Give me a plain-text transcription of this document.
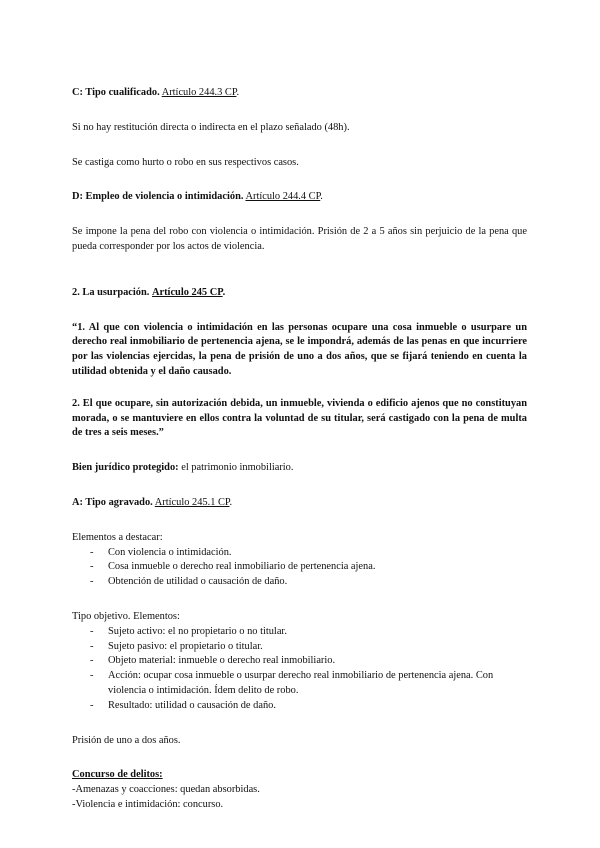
C: Tipo cualificado. Artículo 244.3 CP.

Si no hay restitución directa o indirecta en el plazo señalado (48h).

Se castiga como hurto o robo en sus respectivos casos.

D: Empleo de violencia o intimidación. Artículo 244.4 CP.

Se impone la pena del robo con violencia o intimidación. Prisión de 2 a 5 años sin perjuicio de la pena que pueda corresponder por los actos de violencia.

2. La usurpación. Artículo 245 CP.

“1. Al que con violencia o intimidación en las personas ocupare una cosa inmueble o usurpare un derecho real inmobiliario de pertenencia ajena, se le impondrá, además de las penas en que incurriere por las violencias ejercidas, la pena de prisión de uno a dos años, que se fijará teniendo en cuenta la utilidad obtenida y el daño causado.

2. El que ocupare, sin autorización debida, un inmueble, vivienda o edificio ajenos que no constituyan morada, o se mantuviere en ellos contra la voluntad de su titular, será castigado con la pena de multa de tres a seis meses.”

Bien jurídico protegido: el patrimonio inmobiliario.

A: Tipo agravado. Artículo 245.1 CP.

Elementos a destacar:

- Con violencia o intimidación.
- Cosa inmueble o derecho real inmobiliario de pertenencia ajena.
- Obtención de utilidad o causación de daño.

Tipo objetivo. Elementos:

- Sujeto activo: el no propietario o no titular.
- Sujeto pasivo: el propietario o titular.
- Objeto material: inmueble o derecho real inmobiliario.
- Acción: ocupar cosa inmueble o usurpar derecho real inmobiliario de pertenencia ajena. Con violencia o intimidación. Ídem delito de robo.
- Resultado: utilidad o causación de daño.

Prisión de uno a dos años.

Concurso de delitos:

-Amenazas y coacciones: quedan absorbidas.

-Violencia e intimidación: concurso.
